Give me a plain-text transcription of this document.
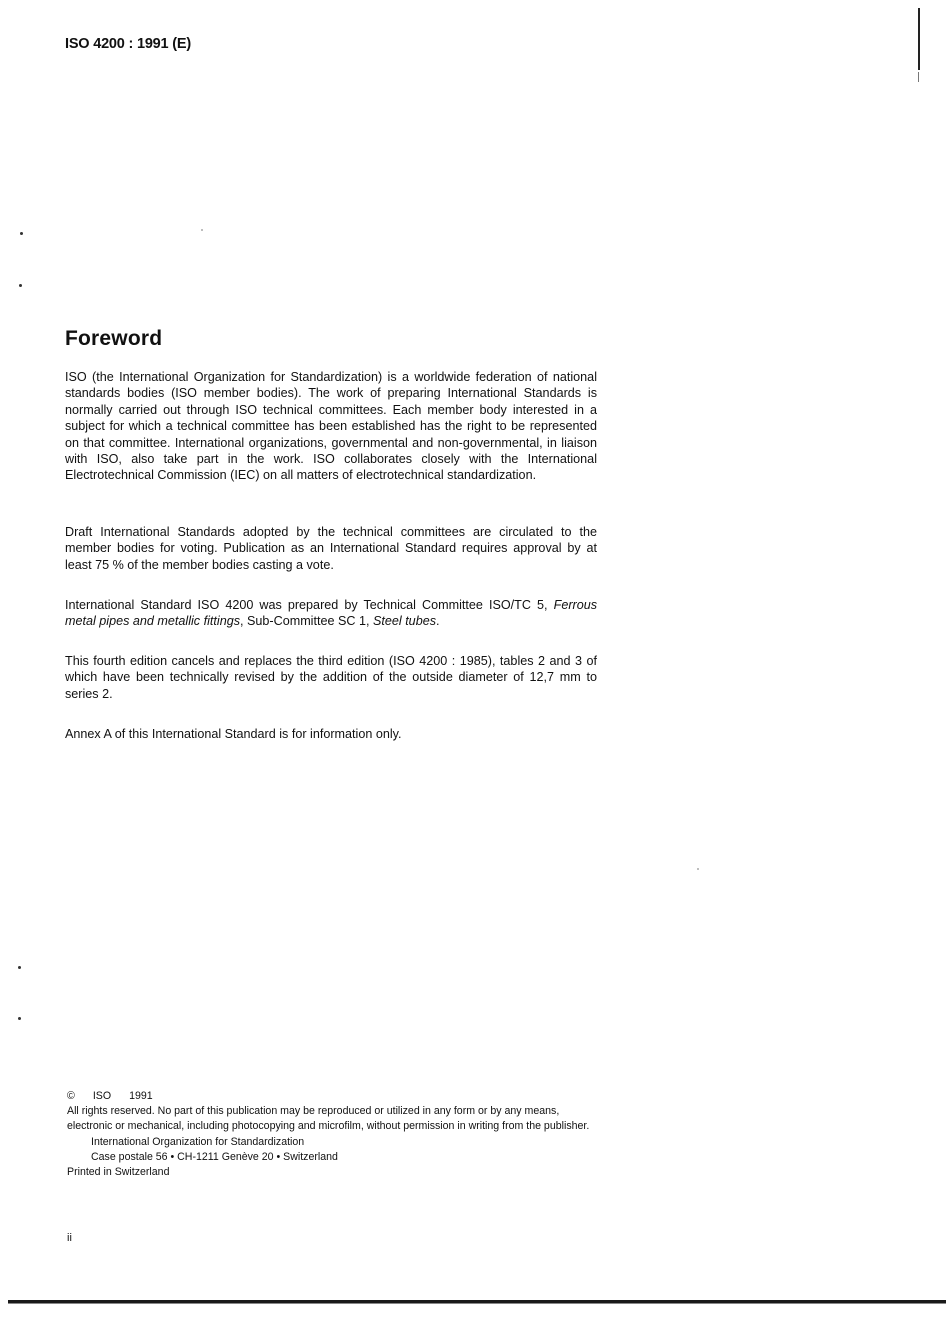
ISO 4200 : 1991 (E)
Foreword

ISO (the International Organization for Standardization) is a worldwide federation of national standards bodies (ISO member bodies). The work of preparing International Standards is normally carried out through ISO technical committees. Each member body interested in a subject for which a technical committee has been established has the right to be represented on that committee. International organizations, governmental and non-governmental, in liaison with ISO, also take part in the work. ISO collaborates closely with the International Electrotechnical Commission (IEC) on all matters of electrotechnical standardization.

Draft International Standards adopted by the technical committees are circulated to the member bodies for voting. Publication as an International Standard requires approval by at least 75 % of the member bodies casting a vote.

International Standard ISO 4200 was prepared by Technical Committee ISO/TC 5, Ferrous metal pipes and metallic fittings, Sub-Committee SC 1, Steel tubes.

This fourth edition cancels and replaces the third edition (ISO 4200 : 1985), tables 2 and 3 of which have been technically revised by the addition of the outside diameter of 12,7 mm to series 2.

Annex A of this International Standard is for information only.

© ISO 1991

All rights reserved. No part of this publication may be reproduced or utilized in any form or by any means, electronic or mechanical, including photocopying and microfilm, without permission in writing from the publisher.

International Organization for Standardization

Case postale 56 • CH-1211 Genève 20 • Switzerland

Printed in Switzerland

ii
